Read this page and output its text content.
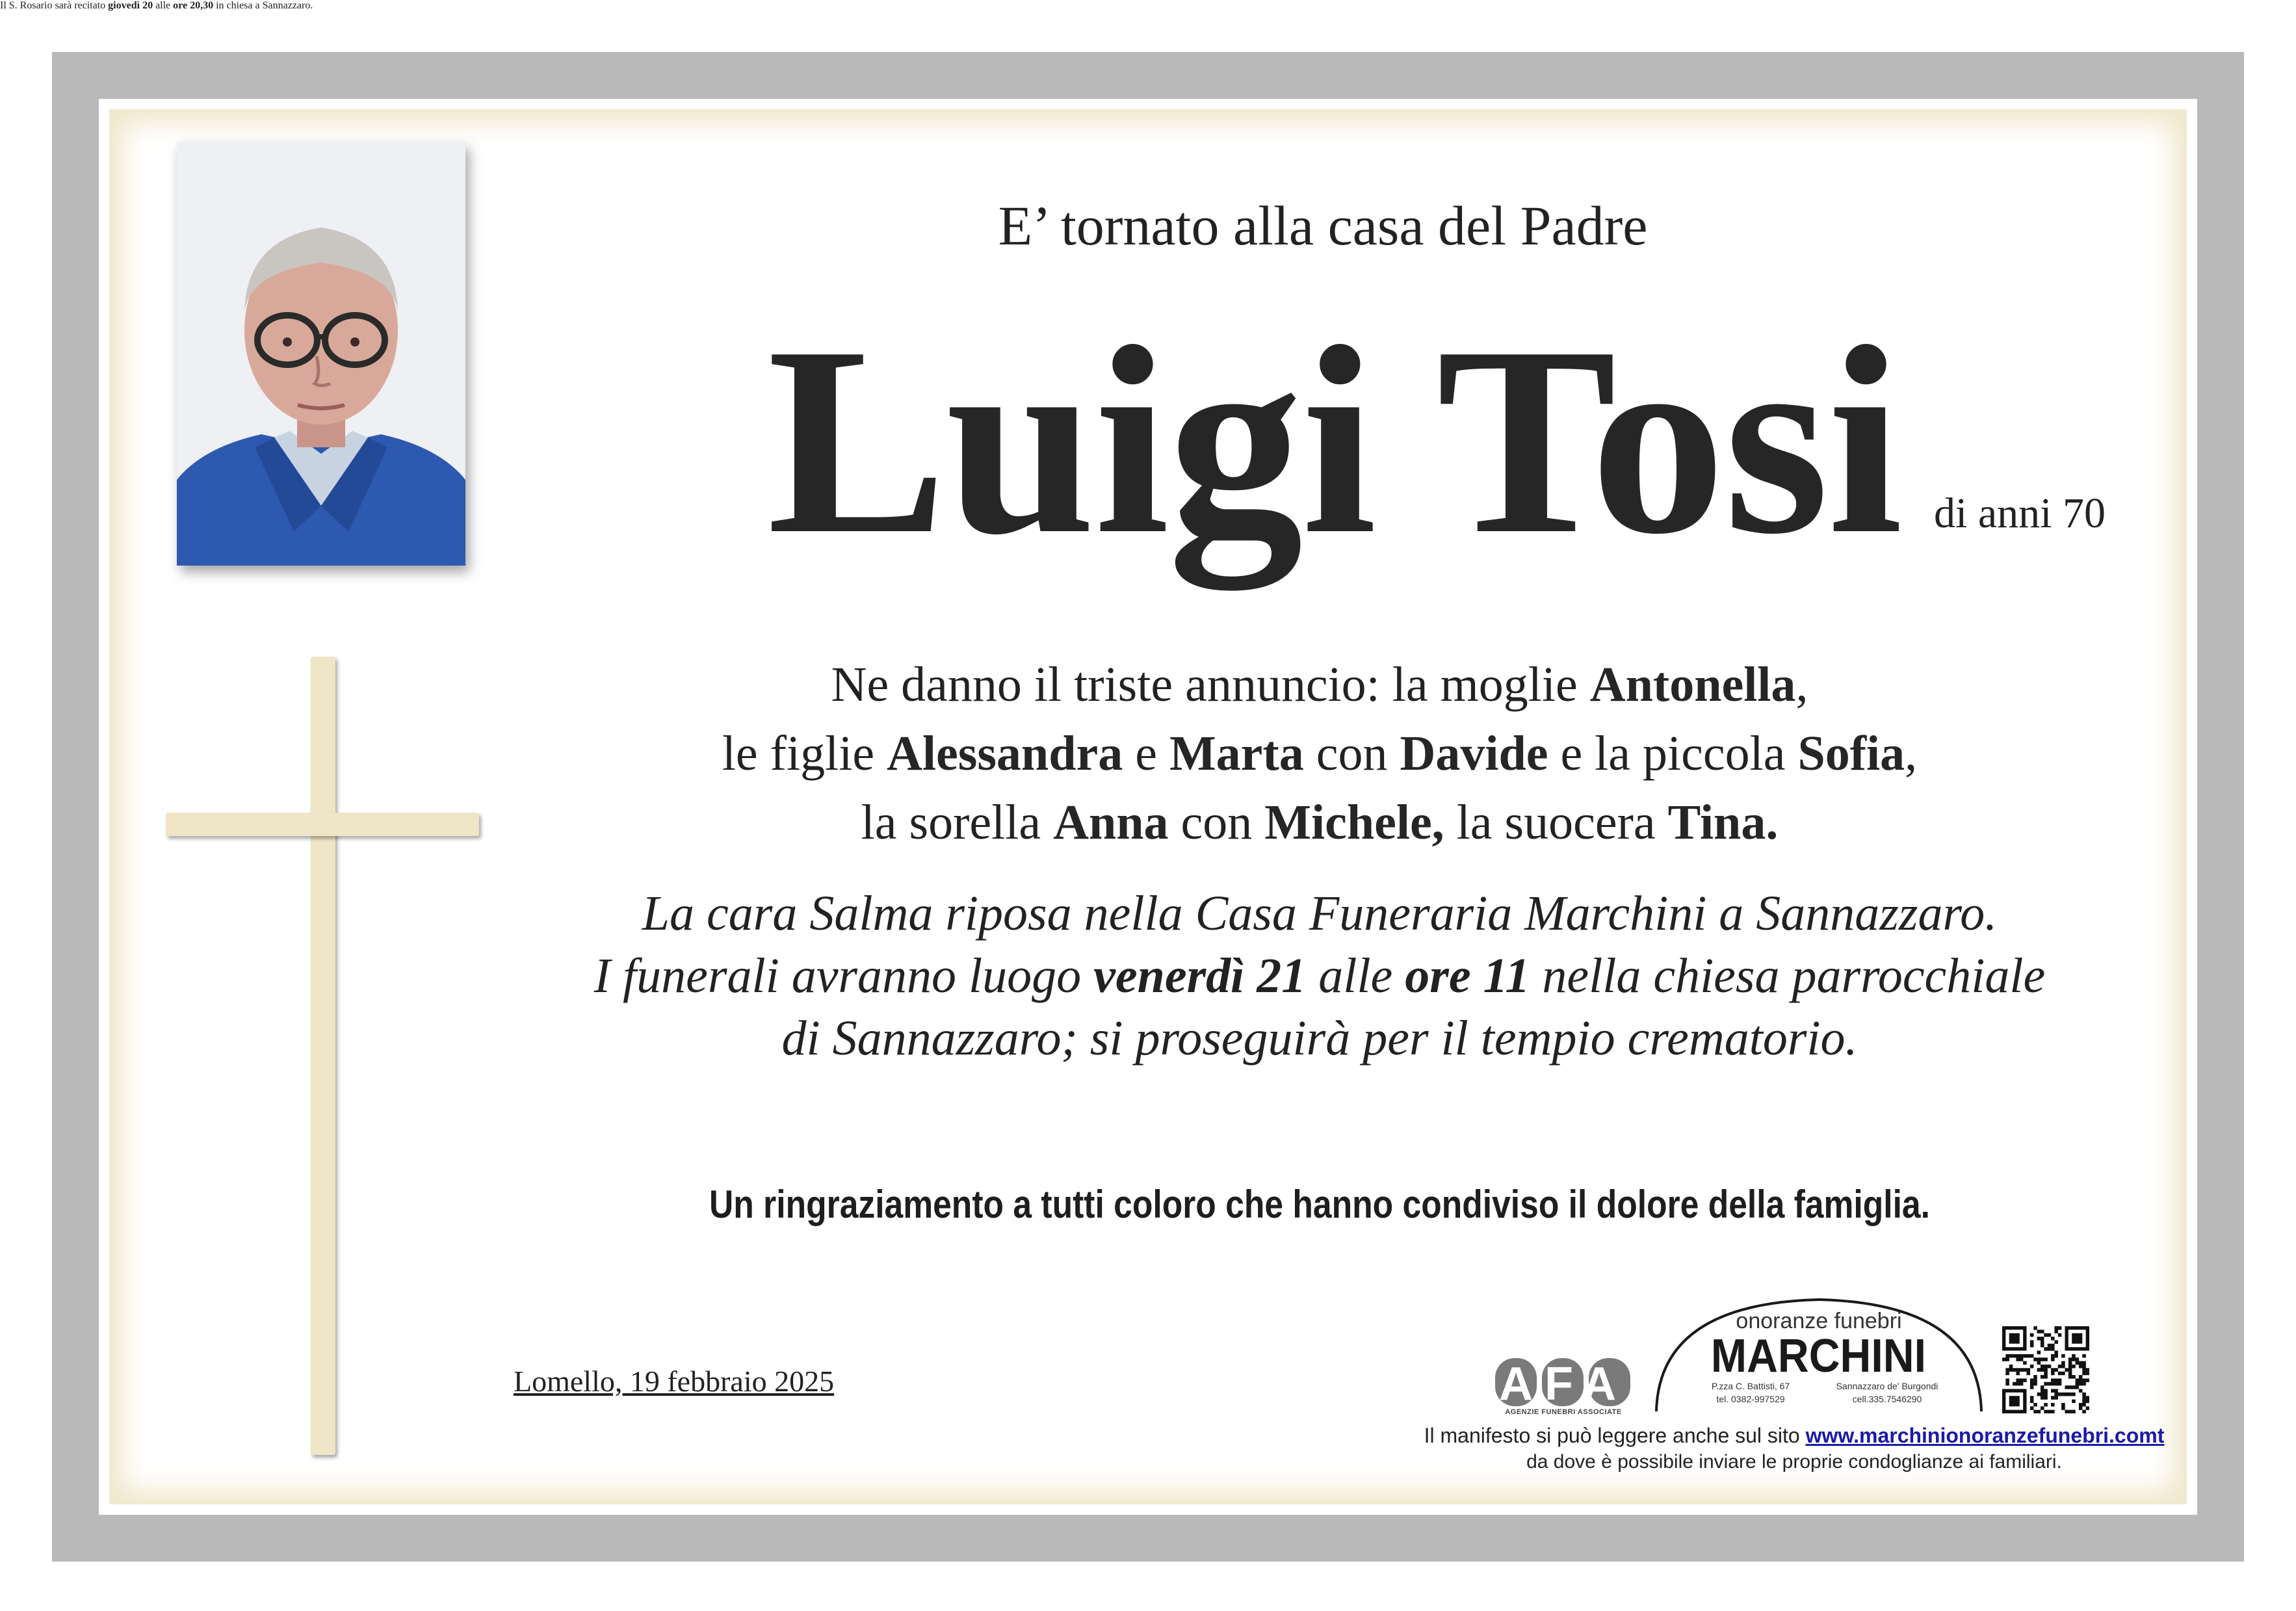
E’ tornato alla casa del Padre
Luigi Tosi di anni 70
Ne danno il triste annuncio: la moglie Antonella,
le figlie Alessandra e Marta con Davide e la piccola Sofia,
la sorella Anna con Michele, la suocera Tina.
La cara Salma riposa nella Casa Funeraria Marchini a Sannazzaro.
I funerali avranno luogo venerdì 21 alle ore 11 nella chiesa parrocchiale
di Sannazzaro; si proseguirà per il tempio crematorio.
Il S. Rosario sarà recitato giovedì 20 alle ore 20,30 in chiesa a Sannazzaro.
Un ringraziamento a tutti coloro che hanno condiviso il dolore della famiglia.
Lomello, 19 febbraio 2025	AFA
AGENZIE FUNEBRI ASSOCIATE
onoranze funebri
MARCHINI
P.zza C. Battisti, 67	Sannazzaro de' Burgondi
tel. 0382-997529	cell.335.7546290
Il manifesto si può leggere anche sul sito www.marchinionoranzefunebri.comt
da dove è possibile inviare le proprie condoglianze ai familiari.
